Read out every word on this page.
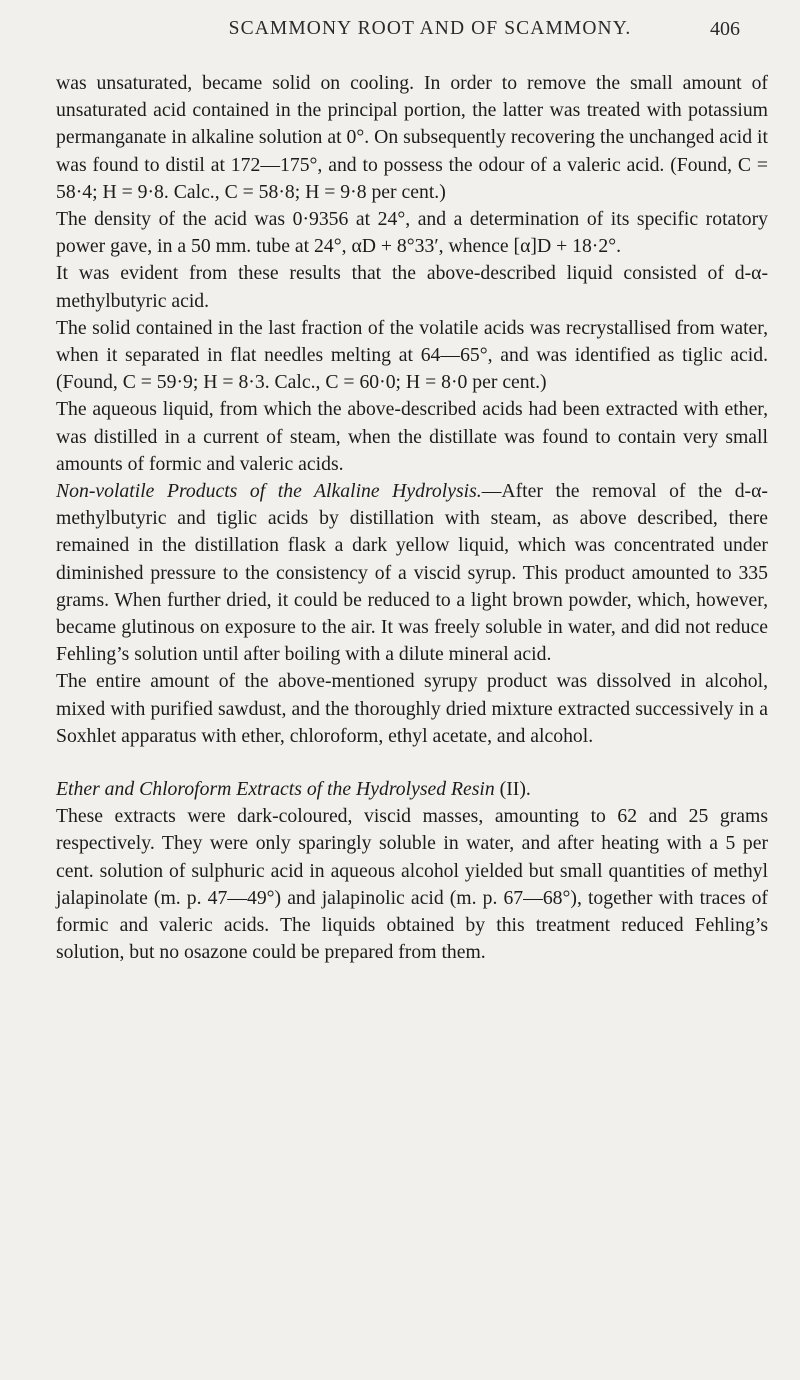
SCAMMONY ROOT AND OF SCAMMONY.	406

was unsaturated, became solid on cooling. In order to remove the small amount of unsaturated acid contained in the principal portion, the latter was treated with potassium permanganate in alkaline solution at 0°. On subsequently recovering the unchanged acid it was found to distil at 172—175°, and to possess the odour of a valeric acid. (Found, C = 58·4; H = 9·8. Calc., C = 58·8; H = 9·8 per cent.)

The density of the acid was 0·9356 at 24°, and a determination of its specific rotatory power gave, in a 50 mm. tube at 24°, αD + 8°33′, whence [α]D + 18·2°.

It was evident from these results that the above-described liquid consisted of d-α-methylbutyric acid.

The solid contained in the last fraction of the volatile acids was recrystallised from water, when it separated in flat needles melting at 64—65°, and was identified as tiglic acid. (Found, C = 59·9; H = 8·3. Calc., C = 60·0; H = 8·0 per cent.)

The aqueous liquid, from which the above-described acids had been extracted with ether, was distilled in a current of steam, when the distillate was found to contain very small amounts of formic and valeric acids.

Non-volatile Products of the Alkaline Hydrolysis.—After the removal of the d-α-methylbutyric and tiglic acids by distillation with steam, as above described, there remained in the distillation flask a dark yellow liquid, which was concentrated under diminished pressure to the consistency of a viscid syrup. This product amounted to 335 grams. When further dried, it could be reduced to a light brown powder, which, however, became glutinous on exposure to the air. It was freely soluble in water, and did not reduce Fehling’s solution until after boiling with a dilute mineral acid.

The entire amount of the above-mentioned syrupy product was dissolved in alcohol, mixed with purified sawdust, and the thoroughly dried mixture extracted successively in a Soxhlet apparatus with ether, chloroform, ethyl acetate, and alcohol.

Ether and Chloroform Extracts of the Hydrolysed Resin (II).

These extracts were dark-coloured, viscid masses, amounting to 62 and 25 grams respectively. They were only sparingly soluble in water, and after heating with a 5 per cent. solution of sulphuric acid in aqueous alcohol yielded but small quantities of methyl jalapinolate (m. p. 47—49°) and jalapinolic acid (m. p. 67—68°), together with traces of formic and valeric acids. The liquids obtained by this treatment reduced Fehling’s solution, but no osazone could be prepared from them.
